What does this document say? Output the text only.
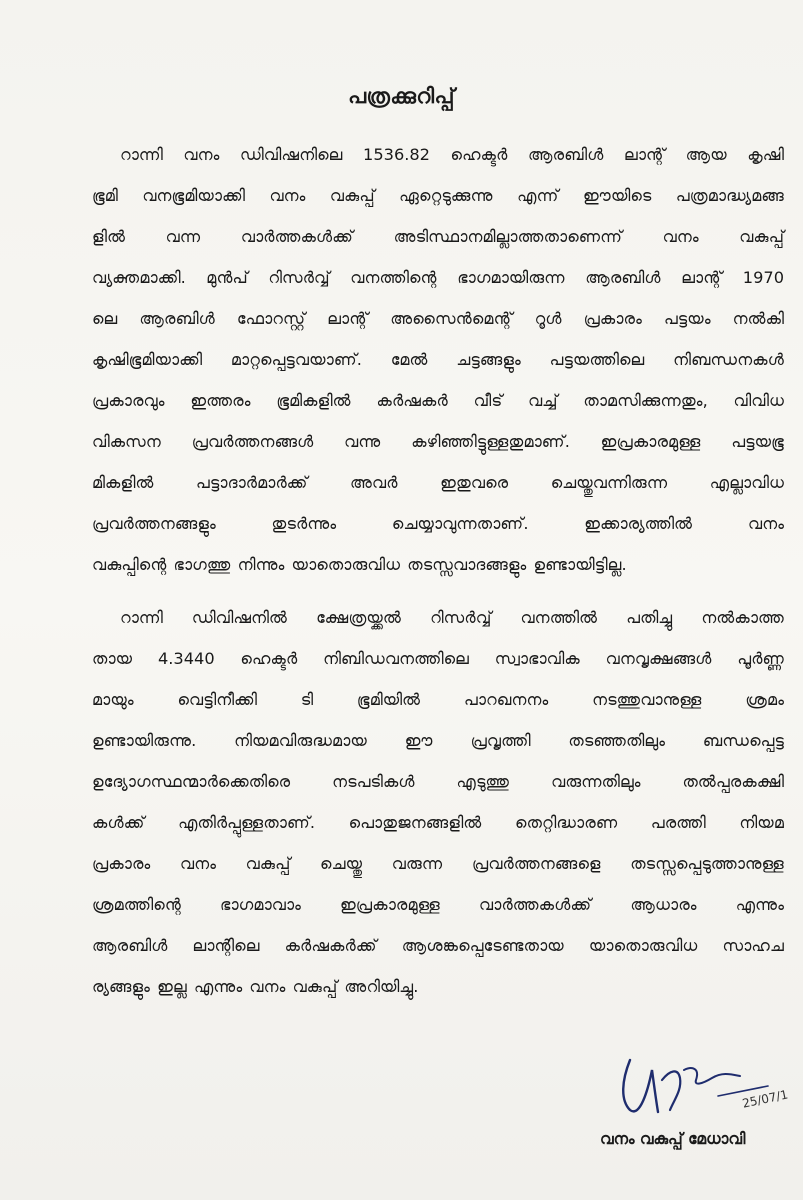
പത്രക്കുറിപ്പ്

റാന്നി വനം ഡിവിഷനിലെ 1536.82 ഹെക്ടർ ആരബിൾ ലാന്റ് ആയ കൃഷി

ഭൂമി വനഭൂമിയാക്കി വനം വകുപ്പ് ഏറ്റെടുക്കുന്നു എന്ന് ഈയിടെ പത്രമാദ്ധ്യമങ്ങ

ളിൽ വന്ന വാർത്തകൾക്ക് അടിസ്ഥാനമില്ലാത്തതാണെന്ന് വനം വകുപ്പ്

വ്യക്തമാക്കി. മുൻപ് റിസർവ്വ് വനത്തിന്റെ ഭാഗമായിരുന്ന ആരബിൾ ലാന്റ് 1970

ലെ ആരബിൾ ഫോറസ്റ്റ് ലാന്റ് അസൈൻമെന്റ് റൂൾ പ്രകാരം പട്ടയം നൽകി

കൃഷിഭൂമിയാക്കി മാറ്റപ്പെട്ടവയാണ്. മേൽ ചട്ടങ്ങളും പട്ടയത്തിലെ നിബന്ധനകൾ

പ്രകാരവും ഇത്തരം ഭൂമികളിൽ കർഷകർ വീട് വച്ച് താമസിക്കുന്നതും, വിവിധ

വികസന പ്രവർത്തനങ്ങൾ വന്നു കഴിഞ്ഞിട്ടുള്ളതുമാണ്. ഇപ്രകാരമുള്ള പട്ടയഭൂ

മികളിൽ പട്ടാദാർമാർക്ക് അവർ ഇതുവരെ ചെയ്തുവന്നിരുന്ന എല്ലാവിധ

പ്രവർത്തനങ്ങളും തുടർന്നും ചെയ്യാവുന്നതാണ്. ഇക്കാര്യത്തിൽ വനം

വകുപ്പിന്റെ ഭാഗത്തു നിന്നും യാതൊരുവിധ തടസ്സവാദങ്ങളും ഉണ്ടായിട്ടില്ല.

റാന്നി ഡിവിഷനിൽ ക്ഷേത്രയ്ക്കൽ റിസർവ്വ് വനത്തിൽ പതിച്ചു നൽകാത്ത

തായ 4.3440 ഹെക്ടർ നിബിഡവനത്തിലെ സ്വാഭാവിക വനവൃക്ഷങ്ങൾ പൂർണ്ണ

മായും വെട്ടിനീക്കി ടി ഭൂമിയിൽ പാറഖനനം നടത്തുവാനുള്ള ശ്രമം

ഉണ്ടായിരുന്നു. നിയമവിരുദ്ധമായ ഈ പ്രവൃത്തി തടഞ്ഞതിലും ബന്ധപ്പെട്ട

ഉദ്യോഗസ്ഥന്മാർക്കെതിരെ നടപടികൾ എടുത്തു വരുന്നതിലും തൽപ്പരകക്ഷി

കൾക്ക് എതിർപ്പുള്ളതാണ്. പൊതുജനങ്ങളിൽ തെറ്റിദ്ധാരണ പരത്തി നിയമ

പ്രകാരം വനം വകുപ്പ് ചെയ്തു വരുന്ന പ്രവർത്തനങ്ങളെ തടസ്സപ്പെടുത്താനുള്ള

ശ്രമത്തിന്റെ ഭാഗമാവാം ഇപ്രകാരമുള്ള വാർത്തകൾക്ക് ആധാരം എന്നും

ആരബിൾ ലാന്റിലെ കർഷകർക്ക് ആശങ്കപ്പെടേണ്ടതായ യാതൊരുവിധ സാഹച

ര്യങ്ങളും ഇല്ല എന്നും വനം വകുപ്പ് അറിയിച്ചു.

25/07/1
വനം വകുപ്പ് മേധാവി
